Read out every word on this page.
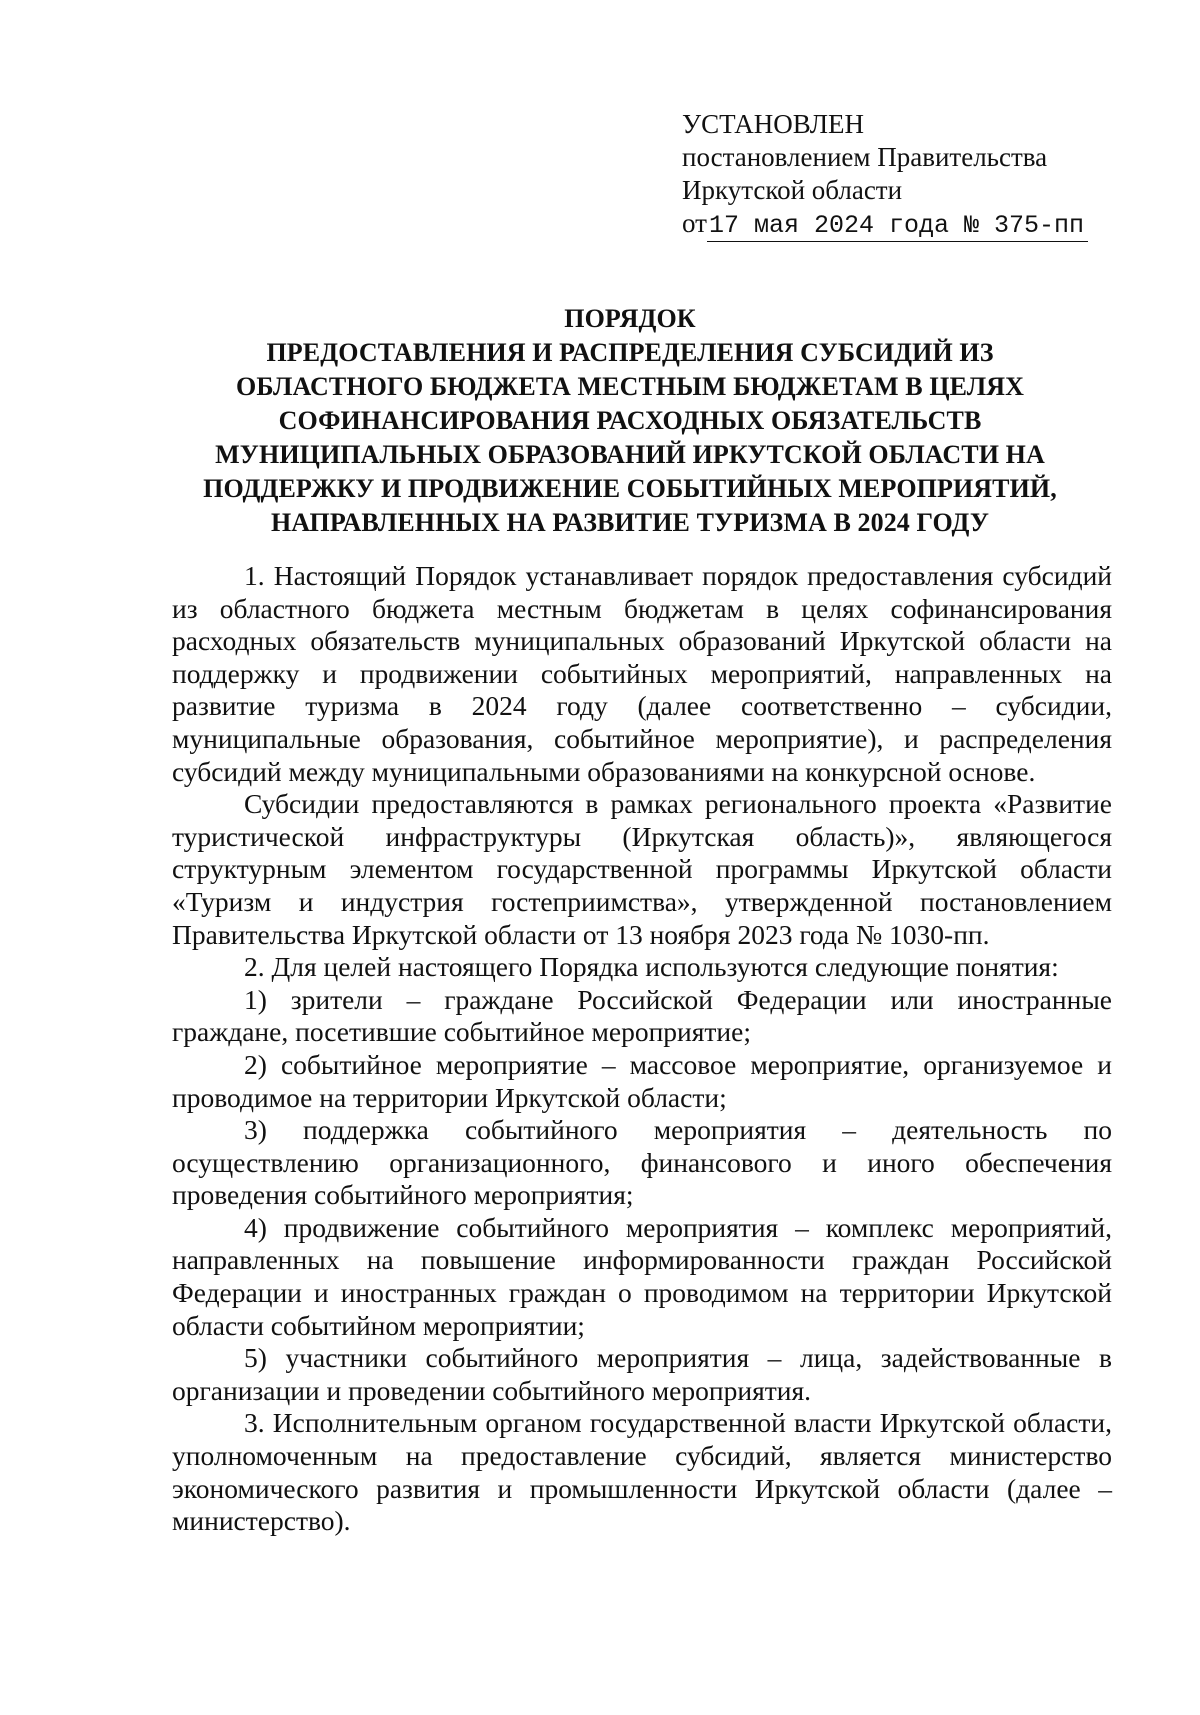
УСТАНОВЛЕН
постановлением Правительства
Иркутской области
от 17 мая 2024 года № 375-пп
ПОРЯДОК
ПРЕДОСТАВЛЕНИЯ И РАСПРЕДЕЛЕНИЯ СУБСИДИЙ ИЗ
ОБЛАСТНОГО БЮДЖЕТА МЕСТНЫМ БЮДЖЕТАМ В ЦЕЛЯХ
СОФИНАНСИРОВАНИЯ РАСХОДНЫХ ОБЯЗАТЕЛЬСТВ
МУНИЦИПАЛЬНЫХ ОБРАЗОВАНИЙ ИРКУТСКОЙ ОБЛАСТИ НА
ПОДДЕРЖКУ И ПРОДВИЖЕНИЕ СОБЫТИЙНЫХ МЕРОПРИЯТИЙ,
НАПРАВЛЕННЫХ НА РАЗВИТИЕ ТУРИЗМА В 2024 ГОДУ

1. Настоящий Порядок устанавливает порядок предоставления субсидий из областного бюджета местным бюджетам в целях софинансирования расходных обязательств муниципальных образований Иркутской области на поддержку и продвижении событийных мероприятий, направленных на развитие туризма в 2024 году (далее соответственно – субсидии, муниципальные образования, событийное мероприятие), и распределения субсидий между муниципальными образованиями на конкурсной основе.

Субсидии предоставляются в рамках регионального проекта «Развитие туристической инфраструктуры (Иркутская область)», являющегося структурным элементом государственной программы Иркутской области «Туризм и индустрия гостеприимства», утвержденной постановлением Правительства Иркутской области от 13 ноября 2023 года № 1030-пп.

2. Для целей настоящего Порядка используются следующие понятия:

1) зрители – граждане Российской Федерации или иностранные граждане, посетившие событийное мероприятие;

2) событийное мероприятие – массовое мероприятие, организуемое и проводимое на территории Иркутской области;

3) поддержка событийного мероприятия – деятельность по осуществлению организационного, финансового и иного обеспечения проведения событийного мероприятия;

4) продвижение событийного мероприятия – комплекс мероприятий, направленных на повышение информированности граждан Российской Федерации и иностранных граждан о проводимом на территории Иркутской области событийном мероприятии;

5) участники событийного мероприятия – лица, задействованные в организации и проведении событийного мероприятия.

3. Исполнительным органом государственной власти Иркутской области, уполномоченным на предоставление субсидий, является министерство экономического развития и промышленности Иркутской области (далее – министерство).
